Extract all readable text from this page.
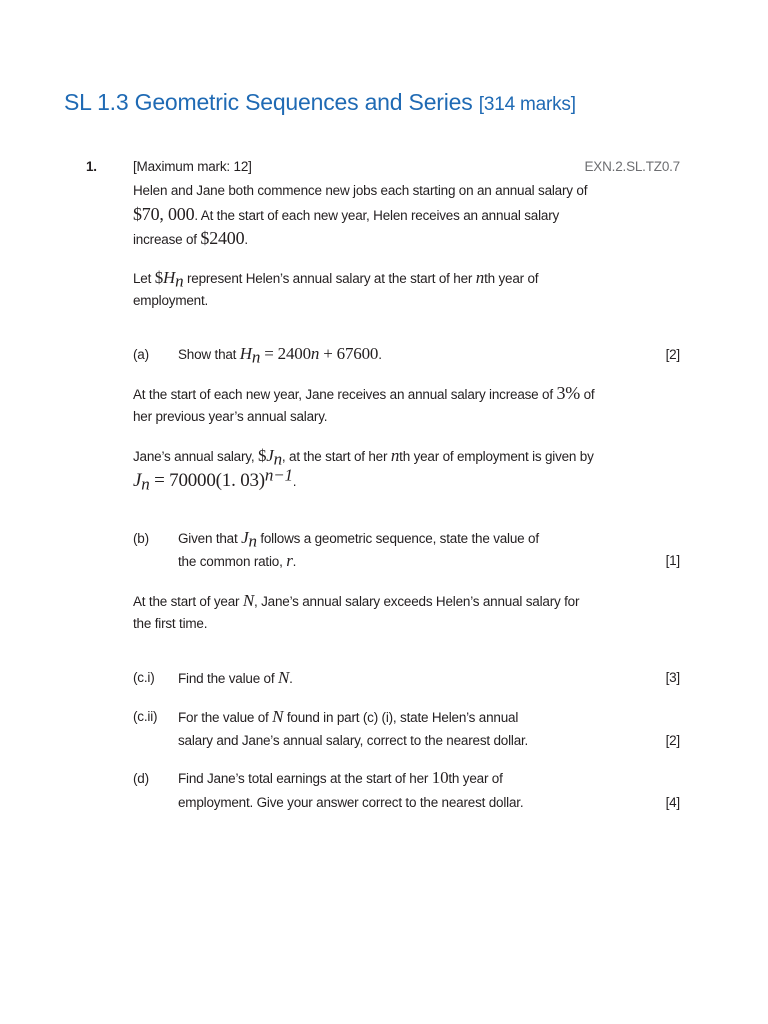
SL 1.3 Geometric Sequences and Series [314 marks]
1.	[Maximum mark: 12]	EXN.2.SL.TZ0.7
Helen and Jane both commence new jobs each starting on an annual salary of
$70, 000. At the start of each new year, Helen receives an annual salary
increase of $2400.
Let $\$H_n$ represent Helen’s annual salary at the start of her nth year of
employment.
(a) Show that $H_n = 2400n + 67600$.	[2]
At the start of each new year, Jane receives an annual salary increase of 3% of
her previous year’s annual salary.
Jane’s annual salary, $\$J_n$, at the start of her nth year of employment is given by
$J_n = 70000(1$. 03)$^{n-1}$.
(b) Given that $J_n$ follows a geometric sequence, state the value of
the common ratio, r.	[1]
At the start of year N, Jane’s annual salary exceeds Helen’s annual salary for
the first time.
(c.i) Find the value of N.	[3]
(c.ii) For the value of N found in part (c) (i), state Helen’s annual
salary and Jane’s annual salary, correct to the nearest dollar.	[2]
(d) Find Jane’s total earnings at the start of her 10th year of
employment. Give your answer correct to the nearest dollar.	[4]
